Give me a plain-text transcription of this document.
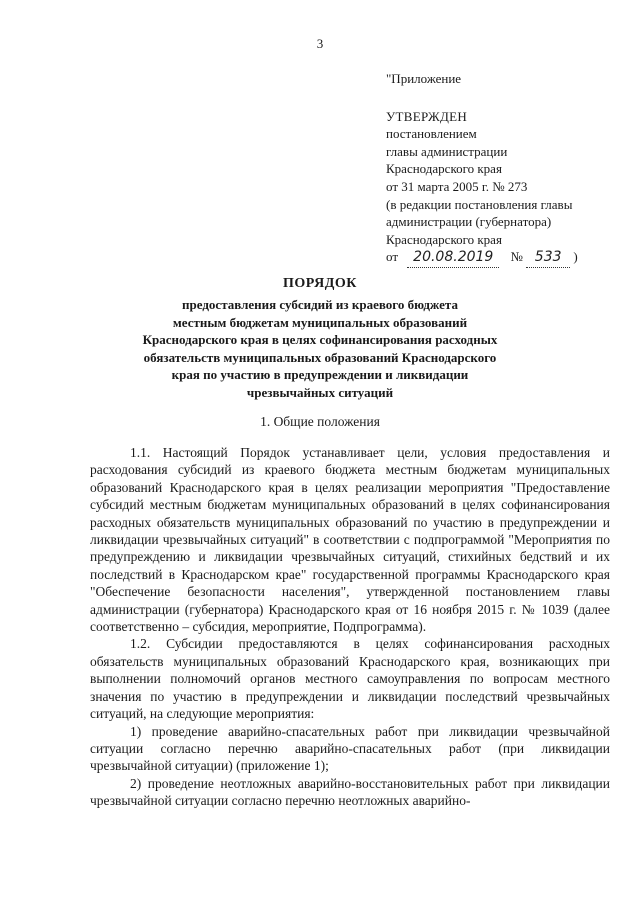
3
"Приложение
УТВЕРЖДЕН
постановлением
главы администрации
Краснодарского края
от 31 марта 2005 г. № 273
(в редакции постановления главы
администрации (губернатора)
Краснодарского края
от 20.08.2019 № 533 )
ПОРЯДОК
предоставления субсидий из краевого бюджета
местным бюджетам муниципальных образований
Краснодарского края в целях софинансирования расходных
обязательств муниципальных образований Краснодарского
края по участию в предупреждении и ликвидации
чрезвычайных ситуаций
1. Общие положения

1.1. Настоящий Порядок устанавливает цели, условия предоставления и расходования субсидий из краевого бюджета местным бюджетам муниципальных образований Краснодарского края в целях реализации мероприятия "Предоставление субсидий местным бюджетам муниципальных образований в целях софинансирования расходных обязательств муниципальных образований по участию в предупреждении и ликвидации чрезвычайных ситуаций" в соответствии с подпрограммой "Мероприятия по предупреждению и ликвидации чрезвычайных ситуаций, стихийных бедствий и их последствий в Краснодарском крае" государственной программы Краснодарского края "Обеспечение безопасности населения", утвержденной постановлением главы администрации (губернатора) Краснодарского края от 16 ноября 2015 г. № 1039 (далее соответственно – субсидия, мероприятие, Подпрограмма).

1.2. Субсидии предоставляются в целях софинансирования расходных обязательств муниципальных образований Краснодарского края, возникающих при выполнении полномочий органов местного самоуправления по вопросам местного значения по участию в предупреждении и ликвидации последствий чрезвычайных ситуаций, на следующие мероприятия:

1) проведение аварийно-спасательных работ при ликвидации чрезвычайной ситуации согласно перечню аварийно-спасательных работ (при ликвидации чрезвычайной ситуации) (приложение 1);

2) проведение неотложных аварийно-восстановительных работ при ликвидации чрезвычайной ситуации согласно перечню неотложных аварийно-
